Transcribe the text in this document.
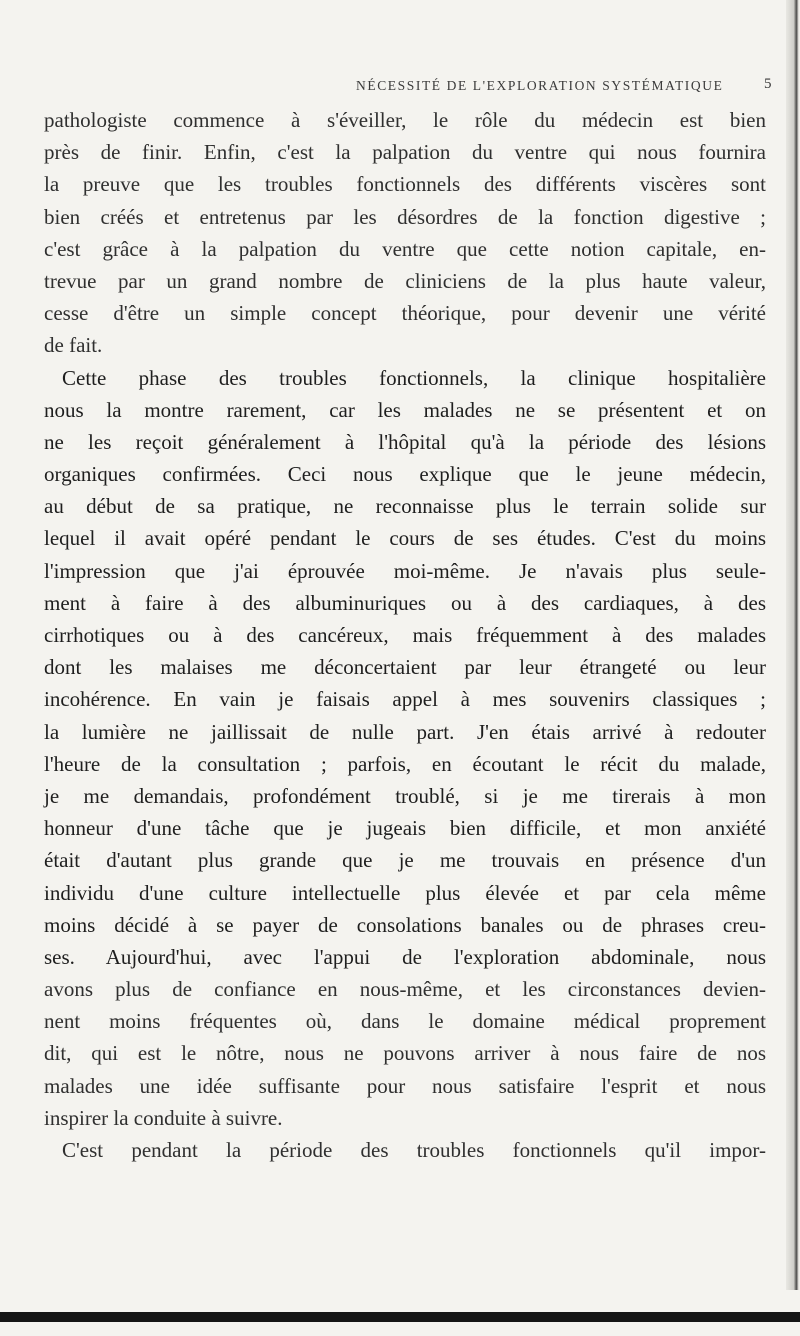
NÉCESSITÉ DE L'EXPLORATION SYSTÉMATIQUE	5
pathologiste commence à s'éveiller, le rôle du médecin est bien
près de finir. Enfin, c'est la palpation du ventre qui nous fournira
la preuve que les troubles fonctionnels des différents viscères sont
bien créés et entretenus par les désordres de la fonction digestive ;
c'est grâce à la palpation du ventre que cette notion capitale, en-
trevue par un grand nombre de cliniciens de la plus haute valeur,
cesse d'être un simple concept théorique, pour devenir une vérité
de fait.
Cette phase des troubles fonctionnels, la clinique hospitalière
nous la montre rarement, car les malades ne se présentent et on
ne les reçoit généralement à l'hôpital qu'à la période des lésions
organiques confirmées. Ceci nous explique que le jeune médecin,
au début de sa pratique, ne reconnaisse plus le terrain solide sur
lequel il avait opéré pendant le cours de ses études. C'est du moins
l'impression que j'ai éprouvée moi-même. Je n'avais plus seule-
ment à faire à des albuminuriques ou à des cardiaques, à des
cirrhotiques ou à des cancéreux, mais fréquemment à des malades
dont les malaises me déconcertaient par leur étrangeté ou leur
incohérence. En vain je faisais appel à mes souvenirs classiques ;
la lumière ne jaillissait de nulle part. J'en étais arrivé à redouter
l'heure de la consultation ; parfois, en écoutant le récit du malade,
je me demandais, profondément troublé, si je me tirerais à mon
honneur d'une tâche que je jugeais bien difficile, et mon anxiété
était d'autant plus grande que je me trouvais en présence d'un
individu d'une culture intellectuelle plus élevée et par cela même
moins décidé à se payer de consolations banales ou de phrases creu-
ses. Aujourd'hui, avec l'appui de l'exploration abdominale, nous
avons plus de confiance en nous-même, et les circonstances devien-
nent moins fréquentes où, dans le domaine médical proprement
dit, qui est le nôtre, nous ne pouvons arriver à nous faire de nos
malades une idée suffisante pour nous satisfaire l'esprit et nous
inspirer la conduite à suivre.
C'est pendant la période des troubles fonctionnels qu'il impor-
